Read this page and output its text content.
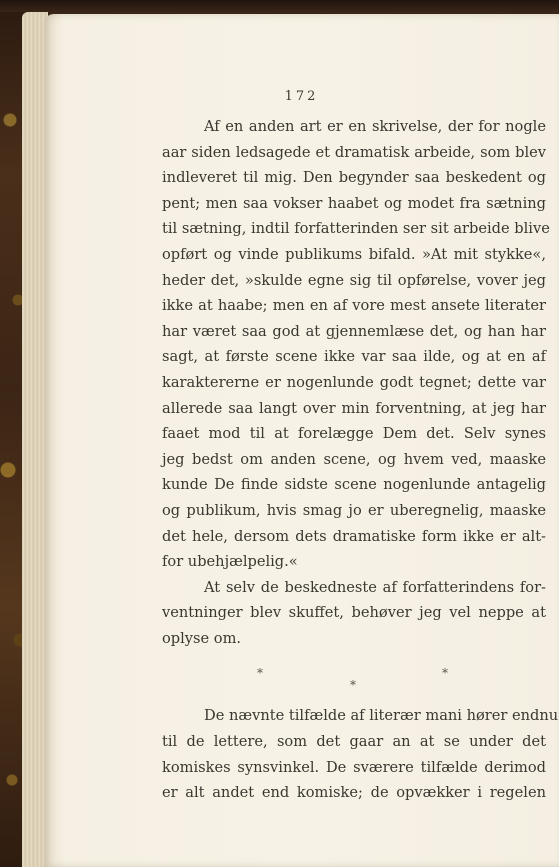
172
Af en anden art er en skrivelse, der for nogle
aar siden ledsagede et dramatisk arbeide, som blev
indleveret til mig. Den begynder saa beskedent og
pent; men saa vokser haabet og modet fra sætning
til sætning, indtil forfatterinden ser sit arbeide blive
opført og vinde publikums bifald. »At mit stykke«,
heder det, »skulde egne sig til opførelse, vover jeg
ikke at haabe; men en af vore mest ansete literater
har været saa god at gjennemlæse det, og han har
sagt, at første scene ikke var saa ilde, og at en af
karaktererne er nogenlunde godt tegnet; dette var
allerede saa langt over min forventning, at jeg har
faaet mod til at forelægge Dem det. Selv synes
jeg bedst om anden scene, og hvem ved, maaske
kunde De finde sidste scene nogenlunde antagelig
og publikum, hvis smag jo er uberegnelig, maaske
det hele, dersom dets dramatiske form ikke er alt-
for ubehjælpelig.«
At selv de beskedneste af forfatterindens for-
ventninger blev skuffet, behøver jeg vel neppe at
oplyse om.
*
*
*
De nævnte tilfælde af literær mani hører endnu
til de lettere, som det gaar an at se under det
komiskes synsvinkel. De sværere tilfælde derimod
er alt andet end komiske; de opvækker i regelen
